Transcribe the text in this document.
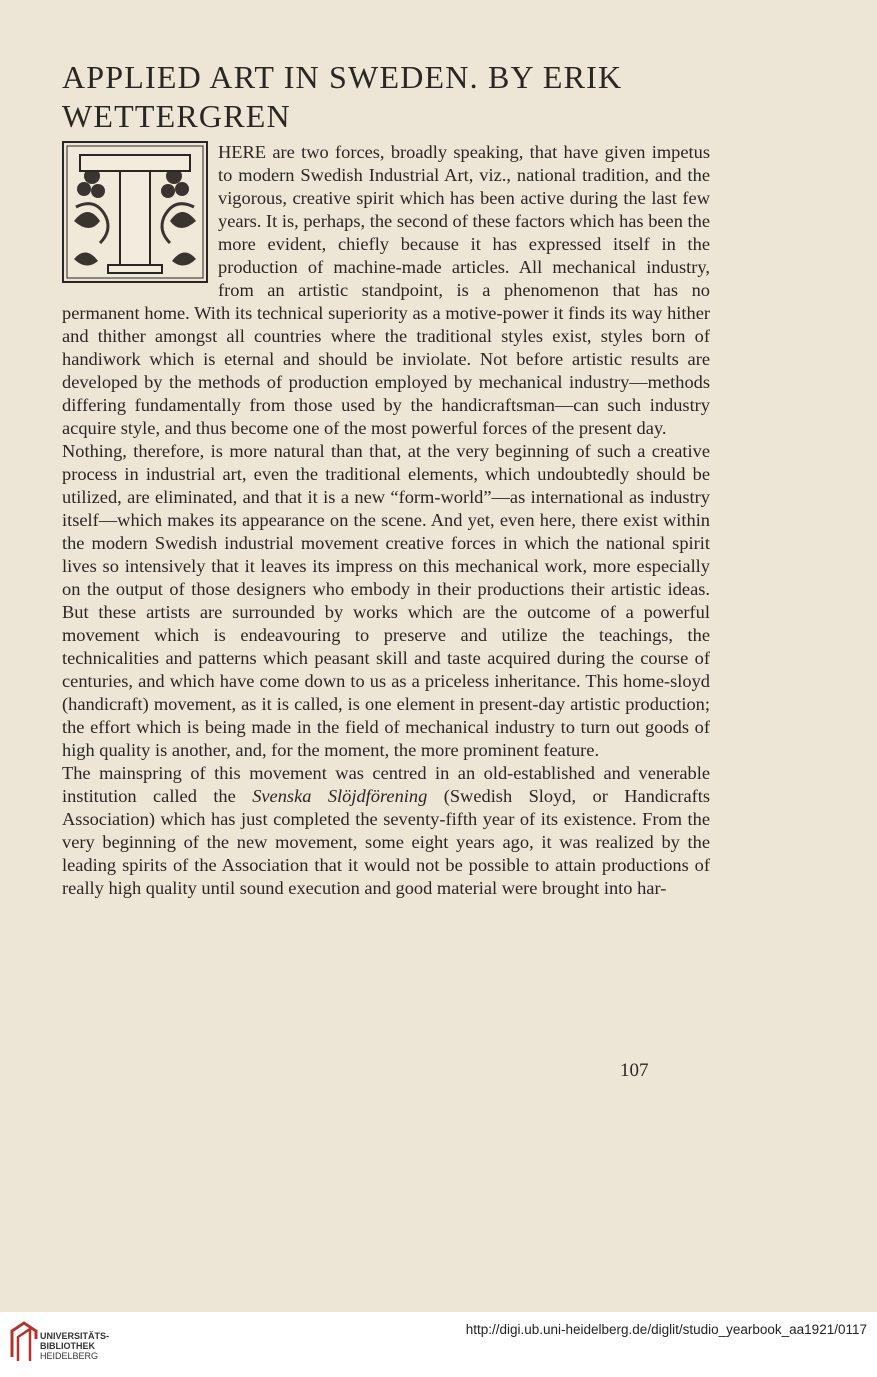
APPLIED ART IN SWEDEN. BY ERIK WETTERGREN

HERE are two forces, broadly speaking, that have given impetus to modern Swedish Industrial Art, viz., national tradition, and the vigorous, creative spirit which has been active during the last few years. It is, perhaps, the second of these factors which has been the more evident, chiefly because it has expressed itself in the production of machine-made articles. All mechanical industry, from an artistic standpoint, is a phenomenon that has no permanent home. With its technical superiority as a motive-power it finds its way hither and thither amongst all countries where the traditional styles exist, styles born of handiwork which is eternal and should be inviolate. Not before artistic results are developed by the methods of production employed by mechanical industry—methods differing fundamentally from those used by the handicraftsman—can such industry acquire style, and thus become one of the most powerful forces of the present day.

Nothing, therefore, is more natural than that, at the very beginning of such a creative process in industrial art, even the traditional elements, which undoubtedly should be utilized, are eliminated, and that it is a new “form-world”—as international as industry itself—which makes its appearance on the scene. And yet, even here, there exist within the modern Swedish industrial movement creative forces in which the national spirit lives so intensively that it leaves its impress on this mechanical work, more especially on the output of those designers who embody in their productions their artistic ideas. But these artists are surrounded by works which are the outcome of a powerful movement which is endeavouring to preserve and utilize the teachings, the technicalities and patterns which peasant skill and taste acquired during the course of centuries, and which have come down to us as a priceless inheritance. This home-sloyd (handicraft) movement, as it is called, is one element in present-day artistic production; the effort which is being made in the field of mechanical industry to turn out goods of high quality is another, and, for the moment, the more prominent feature.

The mainspring of this movement was centred in an old-established and venerable institution called the Svenska Slöjdförening (Swedish Sloyd, or Handicrafts Association) which has just completed the seventy-fifth year of its existence. From the very beginning of the new movement, some eight years ago, it was realized by the leading spirits of the Association that it would not be possible to attain productions of really high quality until sound execution and good material were brought into har-

107
UNIVERSITÄTS-
BIBLIOTHEK
HEIDELBERG
http://digi.ub.uni-heidelberg.de/diglit/studio_yearbook_aa1921/0117
